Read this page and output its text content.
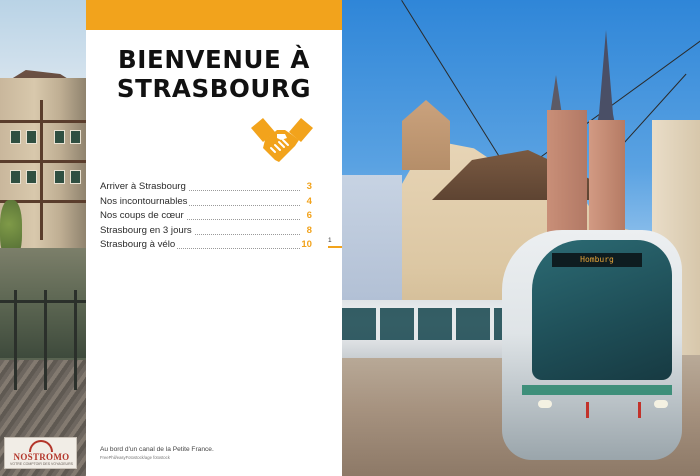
NOSTROMO
VOTRE COMPTOIR DES VOYAGEURS
BIENVENUE À
STRASBOURG
Arriver à Strasbourg	3
Nos incontournables	4
Nos coups de cœur	6
Strasbourg en 3 jours	8
Strasbourg à vélo	10
Au bord d'un canal de la Petite France.
FreePhil/easyFotostock/age fotostock
1
Homburg
